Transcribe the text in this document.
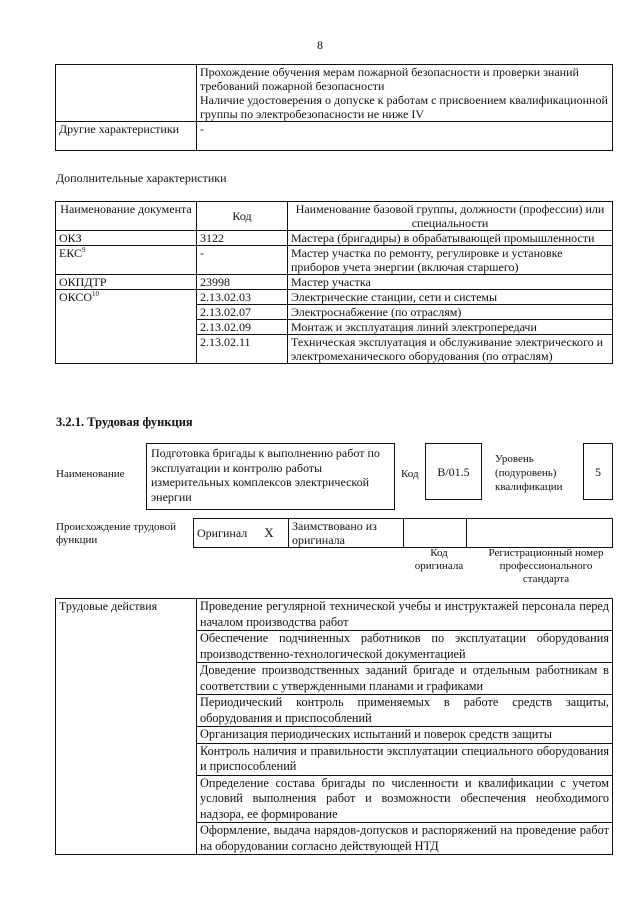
8

	Прохождение обучения мерам пожарной безопасности и проверки знаний требований пожарной безопасности
Наличие удостоверения о допуске к работам с присвоением квалификационной группы по электробезопасности не ниже IV

Другие характеристики	-
Дополнительные характеристики
Наименование документа	Код	Наименование базовой группы, должности (профессии) или специальности
ОКЗ	3122	Мастера (бригадиры) в обрабатывающей промышленности
ЕКС$^9$	-	Мастер участка по ремонту, регулировке и установке приборов учета энергии (включая старшего)
ОКПДТР	23998	Мастер участка
ОКСО$^{10}$	2.13.02.03	Электрические станции, сети и системы
	2.13.02.07	Электроснабжение (по отраслям)
	2.13.02.09	Монтаж и эксплуатация линий электропередачи
	2.13.02.11	Техническая эксплуатация и обслуживание электрического и электромеханического оборудования (по отраслям)
3.2.1. Трудовая функция
Наименование
Подготовка бригады к выполнению работ по эксплуатации и контролю работы измерительных комплексов электрической энергии
Код	B/01.5
Уровень (подуровень) квалификации
5
Происхождение трудовой функции	Оригинал X	Заимствовано из оригинала		
Код оригинала
Регистрационный номер профессионального стандарта
Трудовые действия	Проведение регулярной технической учебы и инструктажей персонала перед началом производства работ
Обеспечение подчиненных работников по эксплуатации оборудования производственно-технологической документацией
Доведение производственных заданий бригаде и отдельным работникам в соответствии с утвержденными планами и графиками
Периодический контроль применяемых в работе средств защиты, оборудования и приспособлений
Организация периодических испытаний и поверок средств защиты
Контроль наличия и правильности эксплуатации специального оборудования и приспособлений
Определение состава бригады по численности и квалификации с учетом условий выполнения работ и возможности обеспечения необходимого надзора, ее формирование
Оформление, выдача нарядов-допусков и распоряжений на проведение работ на оборудовании согласно действующей НТД
